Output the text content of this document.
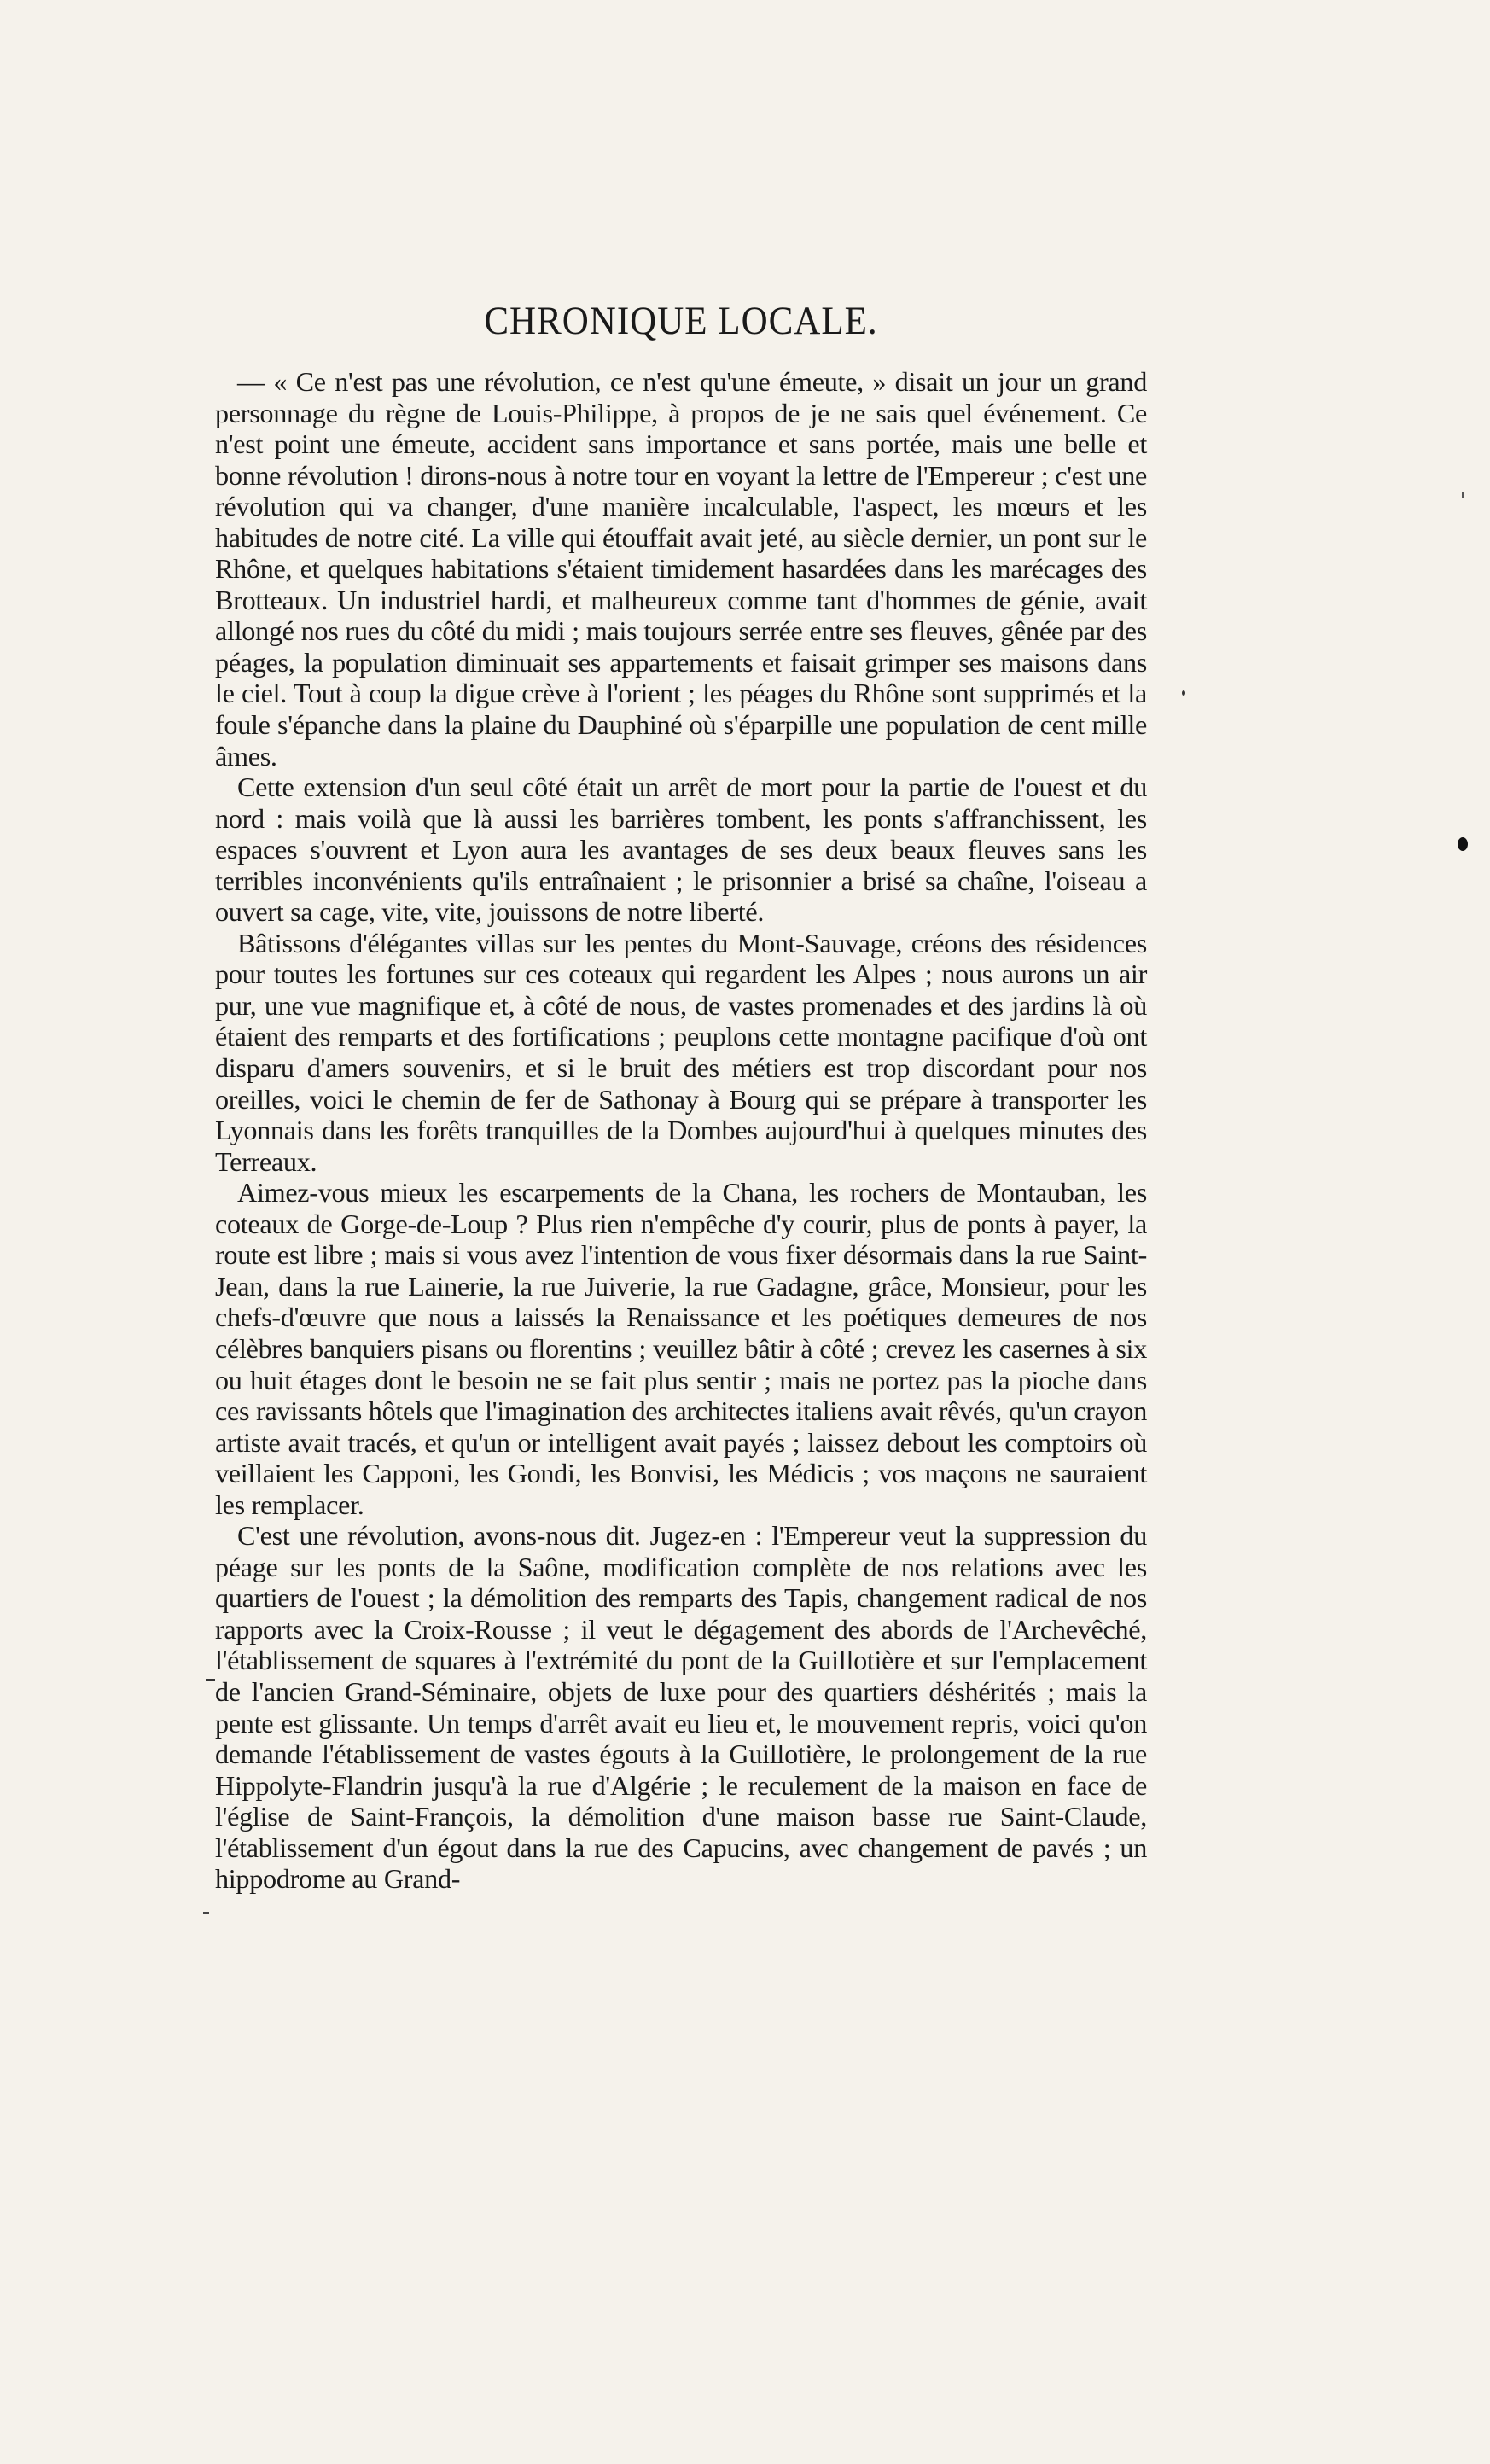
CHRONIQUE LOCALE.

— « Ce n'est pas une révolution, ce n'est qu'une émeute, » disait un jour un grand personnage du règne de Louis-Philippe, à propos de je ne sais quel événement. Ce n'est point une émeute, accident sans importance et sans portée, mais une belle et bonne révolution ! dirons-nous à notre tour en voyant la lettre de l'Empereur ; c'est une révolution qui va changer, d'une manière incalculable, l'aspect, les mœurs et les habitudes de notre cité. La ville qui étouffait avait jeté, au siècle dernier, un pont sur le Rhône, et quelques habitations s'étaient timidement hasardées dans les marécages des Brotteaux. Un industriel hardi, et malheureux comme tant d'hommes de génie, avait allongé nos rues du côté du midi ; mais toujours serrée entre ses fleuves, gênée par des péages, la population diminuait ses appartements et faisait grimper ses maisons dans le ciel. Tout à coup la digue crève à l'orient ; les péages du Rhône sont supprimés et la foule s'épanche dans la plaine du Dauphiné où s'éparpille une population de cent mille âmes.

Cette extension d'un seul côté était un arrêt de mort pour la partie de l'ouest et du nord : mais voilà que là aussi les barrières tombent, les ponts s'affranchissent, les espaces s'ouvrent et Lyon aura les avantages de ses deux beaux fleuves sans les terribles inconvénients qu'ils entraînaient ; le prisonnier a brisé sa chaîne, l'oiseau a ouvert sa cage, vite, vite, jouissons de notre liberté.

Bâtissons d'élégantes villas sur les pentes du Mont-Sauvage, créons des résidences pour toutes les fortunes sur ces coteaux qui regardent les Alpes ; nous aurons un air pur, une vue magnifique et, à côté de nous, de vastes promenades et des jardins là où étaient des remparts et des fortifications ; peuplons cette montagne pacifique d'où ont disparu d'amers souvenirs, et si le bruit des métiers est trop discordant pour nos oreilles, voici le chemin de fer de Sathonay à Bourg qui se prépare à transporter les Lyonnais dans les forêts tranquilles de la Dombes aujourd'hui à quelques minutes des Terreaux.

Aimez-vous mieux les escarpements de la Chana, les rochers de Montauban, les coteaux de Gorge-de-Loup ? Plus rien n'empêche d'y courir, plus de ponts à payer, la route est libre ; mais si vous avez l'intention de vous fixer désormais dans la rue Saint-Jean, dans la rue Lainerie, la rue Juiverie, la rue Gadagne, grâce, Monsieur, pour les chefs-d'œuvre que nous a laissés la Renaissance et les poétiques demeures de nos célèbres banquiers pisans ou florentins ; veuillez bâtir à côté ; crevez les casernes à six ou huit étages dont le besoin ne se fait plus sentir ; mais ne portez pas la pioche dans ces ravissants hôtels que l'imagination des architectes italiens avait rêvés, qu'un crayon artiste avait tracés, et qu'un or intelligent avait payés ; laissez debout les comptoirs où veillaient les Capponi, les Gondi, les Bonvisi, les Médicis ; vos maçons ne sauraient les remplacer.

C'est une révolution, avons-nous dit. Jugez-en : l'Empereur veut la suppression du péage sur les ponts de la Saône, modification complète de nos relations avec les quartiers de l'ouest ; la démolition des remparts des Tapis, changement radical de nos rapports avec la Croix-Rousse ; il veut le dégagement des abords de l'Archevêché, l'établissement de squares à l'extrémité du pont de la Guillotière et sur l'emplacement de l'ancien Grand-Séminaire, objets de luxe pour des quartiers déshérités ; mais la pente est glissante. Un temps d'arrêt avait eu lieu et, le mouvement repris, voici qu'on demande l'établissement de vastes égouts à la Guillotière, le prolongement de la rue Hippolyte-Flandrin jusqu'à la rue d'Algérie ; le reculement de la maison en face de l'église de Saint-François, la démolition d'une maison basse rue Saint-Claude, l'établissement d'un égout dans la rue des Capucins, avec changement de pavés ; un hippodrome au Grand-
